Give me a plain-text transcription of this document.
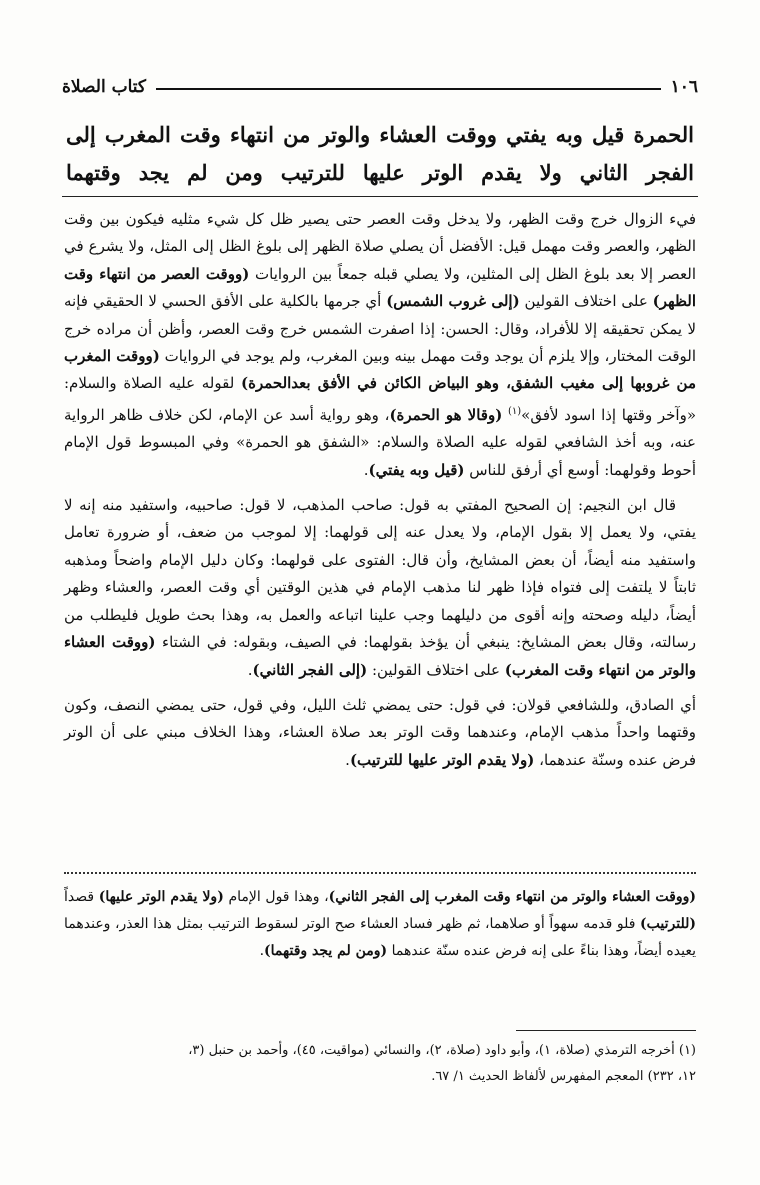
١٠٦
كتاب الصلاة
الحمرة قيل وبه يفتي ووقت العشاء والوتر من انتهاء وقت المغرب إلى
الفجر الثاني ولا يقدم الوتر عليها للترتيب ومن لم يجد وقتهما

فيء الزوال خرج وقت الظهر، ولا يدخل وقت العصر حتى يصير ظل كل شيء مثليه فيكون بين وقت الظهر، والعصر وقت مهمل قيل: الأفضل أن يصلي صلاة الظهر إلى بلوغ الظل إلى المثل، ولا يشرع في العصر إلا بعد بلوغ الظل إلى المثلين، ولا يصلي قبله جمعاً بين الروايات (ووقت العصر من انتهاء وقت الظهر) على اختلاف القولين (إلى غروب الشمس) أي جرمها بالكلية على الأفق الحسي لا الحقيقي فإنه لا يمكن تحقيقه إلا للأفراد، وقال: الحسن: إذا اصفرت الشمس خرج وقت العصر، وأظن أن مراده خرج الوقت المختار، وإلا يلزم أن يوجد وقت مهمل بينه وبين المغرب، ولم يوجد في الروايات (ووقت المغرب من غروبها إلى مغيب الشفق، وهو البياض الكائن في الأفق بعدالحمرة) لقوله عليه الصلاة والسلام: «وآخر وقتها إذا اسود لأفق»$^{(١)}$ (وقالا هو الحمرة)، وهو رواية أسد عن الإمام، لكن خلاف ظاهر الرواية عنه، وبه أخذ الشافعي لقوله عليه الصلاة والسلام: «الشفق هو الحمرة» وفي المبسوط قول الإمام أحوط وقولهما: أوسع أي أرفق للناس (قيل وبه يفتي).

قال ابن النجيم: إن الصحيح المفتي به قول: صاحب المذهب، لا قول: صاحبيه، واستفيد منه إنه لا يفتي، ولا يعمل إلا بقول الإمام، ولا يعدل عنه إلى قولهما: إلا لموجب من ضعف، أو ضرورة تعامل واستفيد منه أيضاً، أن بعض المشايخ، وأن قال: الفتوى على قولهما: وكان دليل الإمام واضحاً ومذهبه ثابتاً لا يلتفت إلى فتواه فإذا ظهر لنا مذهب الإمام في هذين الوقتين أي وقت العصر، والعشاء وظهر أيضاً، دليله وصحته وإنه أقوى من دليلهما وجب علينا اتباعه والعمل به، وهذا بحث طويل فليطلب من رسالته، وقال بعض المشايخ: ينبغي أن يؤخذ بقولهما: في الصيف، وبقوله: في الشتاء (ووقت العشاء والوتر من انتهاء وقت المغرب) على اختلاف القولين: (إلى الفجر الثاني).

أي الصادق، وللشافعي قولان: في قول: حتى يمضي ثلث الليل، وفي قول، حتى يمضي النصف، وكون وقتهما واحداً مذهب الإمام، وعندهما وقت الوتر بعد صلاة العشاء، وهذا الخلاف مبني على أن الوتر فرض عنده وسنّة عندهما، (ولا يقدم الوتر عليها للترتيب).

(ووقت العشاء والوتر من انتهاء وقت المغرب إلى الفجر الثاني)، وهذا قول الإمام (ولا يقدم الوتر عليها) قصداً (للترتيب) فلو قدمه سهواً أو صلاهما، ثم ظهر فساد العشاء صح الوتر لسقوط الترتيب بمثل هذا العذر، وعندهما يعيده أيضاً، وهذا بناءً على إنه فرض عنده سنّة عندهما (ومن لم يجد وقتهما).
(١) أخرجه الترمذي (صلاة، ١)، وأبو داود (صلاة، ٢)، والنسائي (مواقيت، ٤٥)، وأحمد بن حنبل (٣،
١٢، ٢٣٢) المعجم المفهرس لألفاظ الحديث ١/ ٦٧.
